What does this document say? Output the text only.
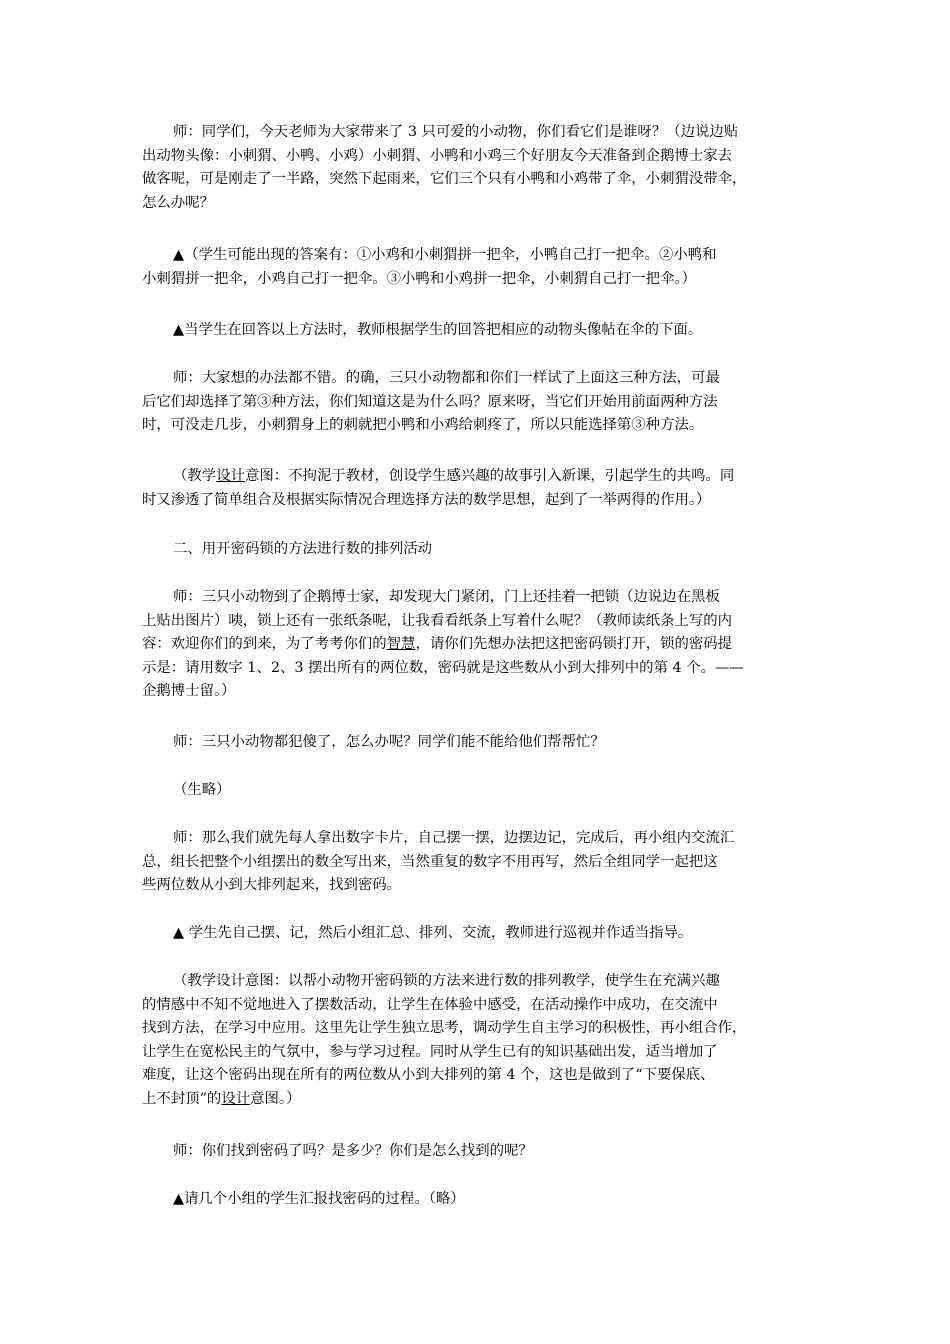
师：同学们，今天老师为大家带来了 3 只可爱的小动物，你们看它们是谁呀？（边说边贴
出动物头像：小刺猬、小鸭、小鸡）小刺猬、小鸭和小鸡三个好朋友今天准备到企鹅博士家去
做客呢，可是刚走了一半路，突然下起雨来，它们三个只有小鸭和小鸡带了伞，小刺猬没带伞，
怎么办呢？
▲（学生可能出现的答案有：①小鸡和小刺猬拼一把伞，小鸭自己打一把伞。②小鸭和
小刺猬拼一把伞，小鸡自己打一把伞。③小鸭和小鸡拼一把伞，小刺猬自己打一把伞。）
▲当学生在回答以上方法时，教师根据学生的回答把相应的动物头像帖在伞的下面。
师：大家想的办法都不错。的确，三只小动物都和你们一样试了上面这三种方法，可最
后它们却选择了第③种方法，你们知道这是为什么吗？原来呀，当它们开始用前面两种方法
时，可没走几步，小刺猬身上的刺就把小鸭和小鸡给刺疼了，所以只能选择第③种方法。
（教学设计意图：不拘泥于教材，创设学生感兴趣的故事引入新课，引起学生的共鸣。同
时又渗透了简单组合及根据实际情况合理选择方法的数学思想，起到了一举两得的作用。）
二、用开密码锁的方法进行数的排列活动
师：三只小动物到了企鹅博士家，却发现大门紧闭，门上还挂着一把锁（边说边在黑板
上贴出图片）咦，锁上还有一张纸条呢，让我看看纸条上写着什么呢？（教师读纸条上写的内
容：欢迎你们的到来，为了考考你们的智慧，请你们先想办法把这把密码锁打开，锁的密码提
示是：请用数字 1、2、3 摆出所有的两位数，密码就是这些数从小到大排列中的第 4 个。——
企鹅博士留。）
师：三只小动物都犯傻了，怎么办呢？同学们能不能给他们帮帮忙？
（生略）
师：那么我们就先每人拿出数字卡片，自己摆一摆，边摆边记，完成后，再小组内交流汇
总，组长把整个小组摆出的数全写出来，当然重复的数字不用再写，然后全组同学一起把这
些两位数从小到大排列起来，找到密码。
▲ 学生先自己摆、记，然后小组汇总、排列、交流，教师进行巡视并作适当指导。
（教学设计意图：以帮小动物开密码锁的方法来进行数的排列教学，使学生在充满兴趣
的情感中不知不觉地进入了摆数活动，让学生在体验中感受，在活动操作中成功，在交流中
找到方法，在学习中应用。这里先让学生独立思考，调动学生自主学习的积极性，再小组合作，
让学生在宽松民主的气氛中，参与学习过程。同时从学生已有的知识基础出发，适当增加了
难度，让这个密码出现在所有的两位数从小到大排列的第 4 个，这也是做到了“下要保底、
上不封顶”的设计意图。）
师：你们找到密码了吗？是多少？你们是怎么找到的呢？
▲请几个小组的学生汇报找密码的过程。（略）
